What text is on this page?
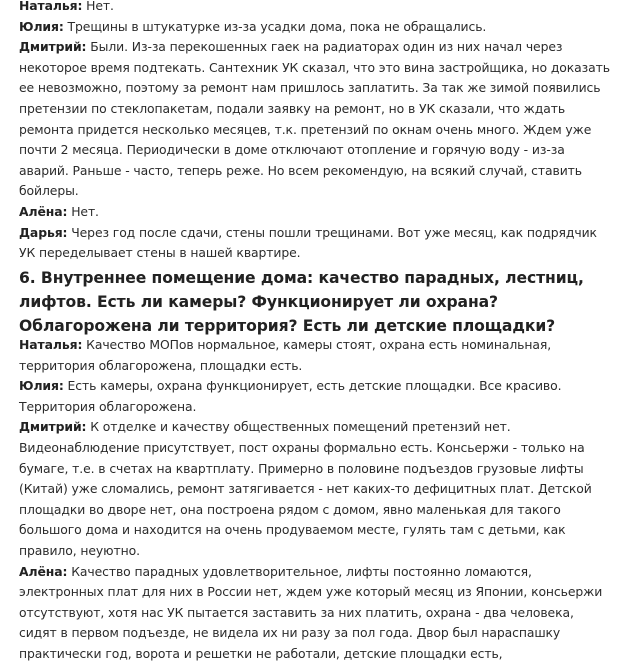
Наталья: Нет.

Юлия: Трещины в штукатурке из-за усадки дома, пока не обращались.

Дмитрий: Были. Из-за перекошенных гаек на радиаторах один из них начал через некоторое время подтекать. Сантехник УК сказал, что это вина застройщика, но доказать ее невозможно, поэтому за ремонт нам пришлось заплатить. За так же зимой появились претензии по стеклопакетам, подали заявку на ремонт, но в УК сказали, что ждать ремонта придется несколько месяцев, т.к. претензий по окнам очень много. Ждем уже почти 2 месяца. Периодически в доме отключают отопление и горячую воду - из-за аварий. Раньше - часто, теперь реже. Но всем рекомендую, на всякий случай, ставить бойлеры.

Алёна: Нет.

Дарья: Через год после сдачи, стены пошли трещинами. Вот уже месяц, как подрядчик УК переделывает стены в нашей квартире.

6. Внутреннее помещение дома: качество парадных, лестниц, лифтов. Есть ли камеры? Функционирует ли охрана? Облагорожена ли территория? Есть ли детские площадки?

Наталья: Качество МОПов нормальное, камеры стоят, охрана есть номинальная, территория облагорожена, площадки есть.

Юлия: Есть камеры, охрана функционирует, есть детские площадки. Все красиво. Территория облагорожена.

Дмитрий: К отделке и качеству общественных помещений претензий нет. Видеонаблюдение присутствует, пост охраны формально есть. Консьержи - только на бумаге, т.е. в счетах на квартплату. Примерно в половине подъездов грузовые лифты (Китай) уже сломались, ремонт затягивается - нет каких-то дефицитных плат. Детской площадки во дворе нет, она построена рядом с домом, явно маленькая для такого большого дома и находится на очень продуваемом месте, гулять там с детьми, как правило, неуютно.

Алёна: Качество парадных удовлетворительное, лифты постоянно ломаются, электронных плат для них в России нет, ждем уже который месяц из Японии, консьержи отсутствуют, хотя нас УК пытается заставить за них платить, охрана - два человека, сидят в первом подъезде, не видела их ни разу за пол года. Двор был нараспашку практически год, ворота и решетки не работали, детские площадки есть,
